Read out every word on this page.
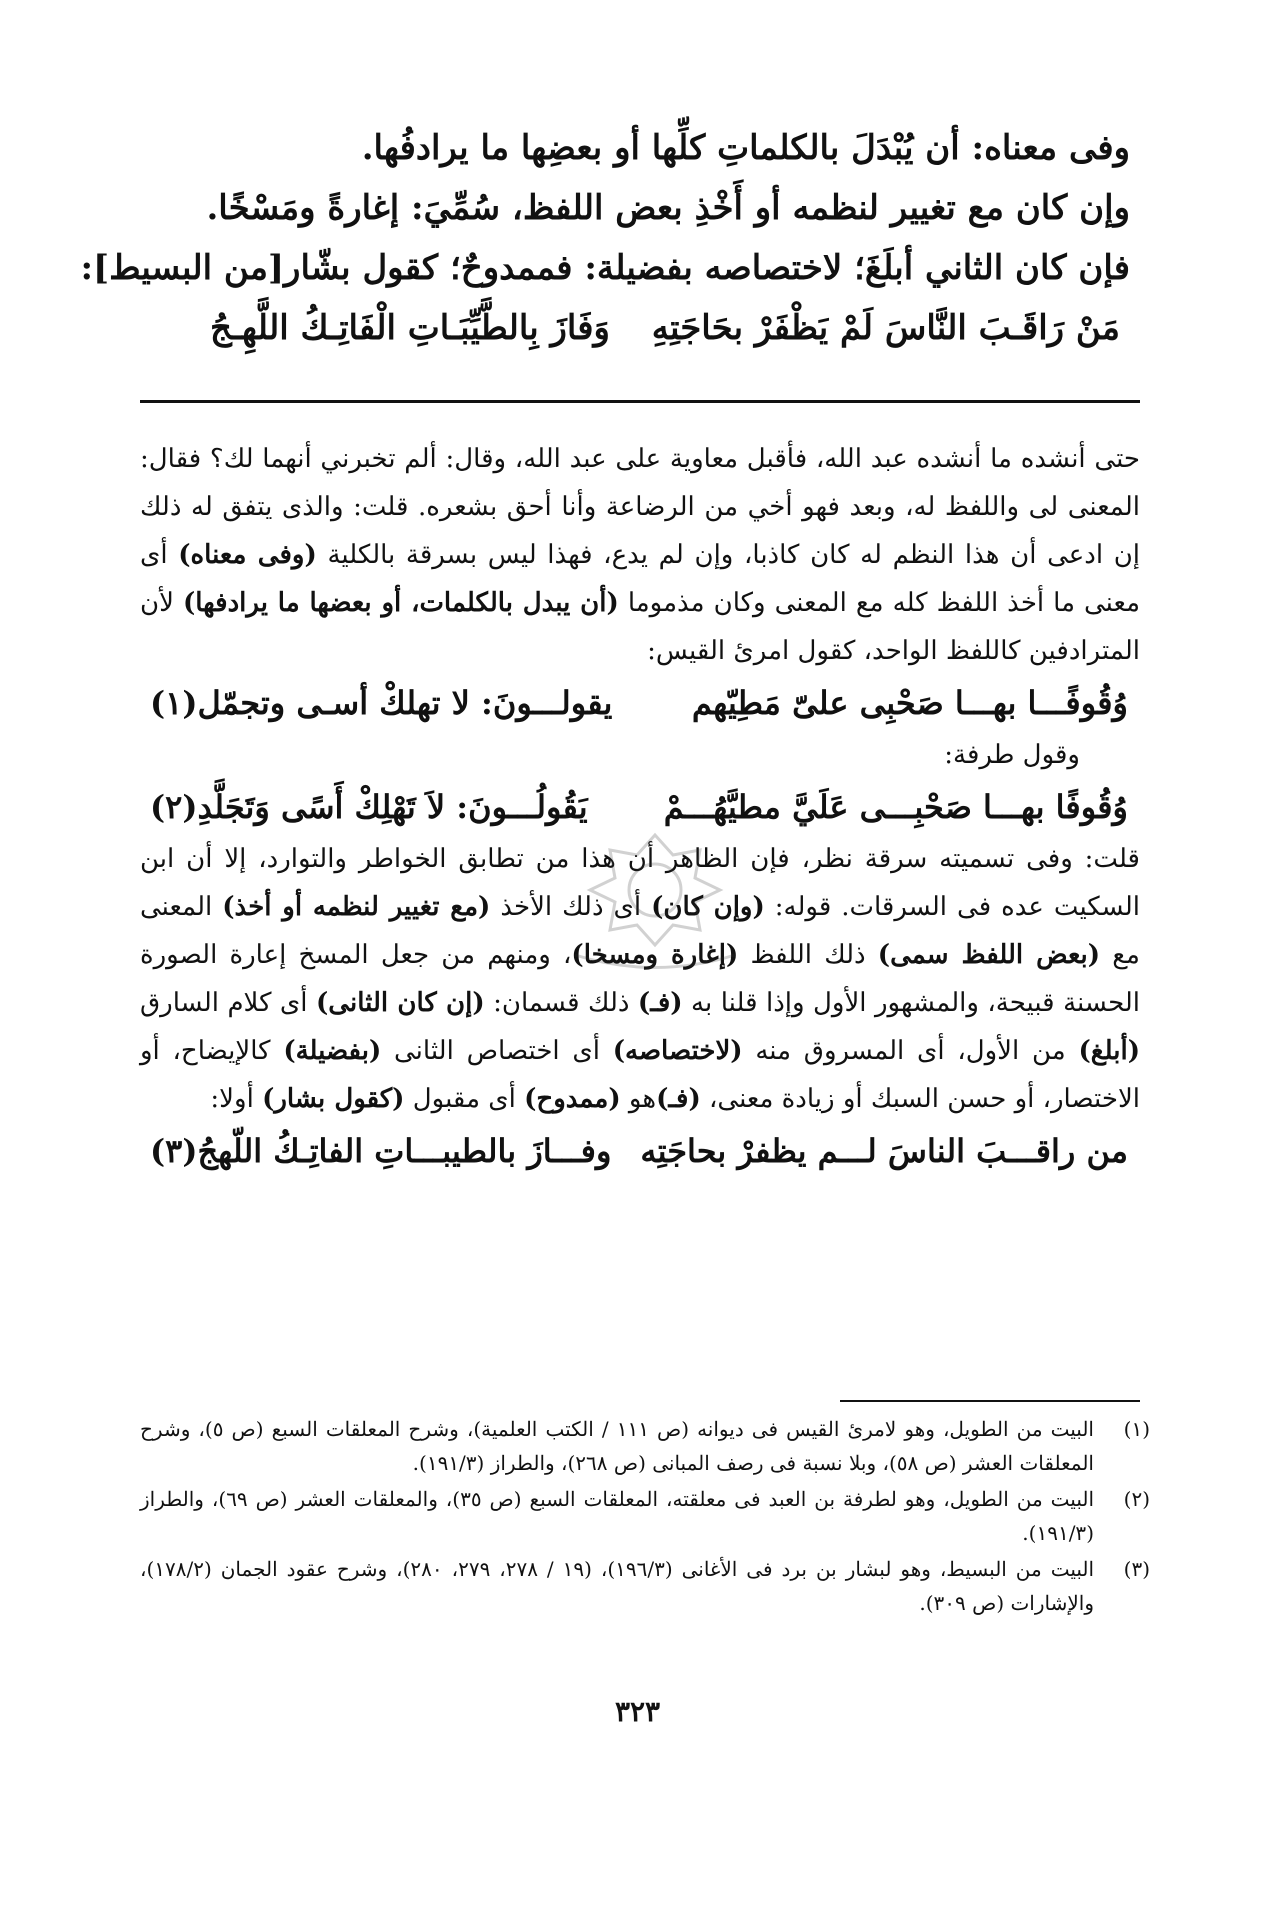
وفى معناه: أن يُبْدَلَ بالكلماتِ كلِّها أو بعضِها ما يرادفُها.
وإن كان مع تغيير لنظمه أو أَخْذِ بعض اللفظ، سُمِّيَ: إغارةً ومَسْخًا.
فإن كان الثاني أبلَغَ؛ لاختصاصه بفضيلة: فممدوحٌ؛ كقول بشّار[من البسيط]:
مَنْ رَاقَـبَ النَّاسَ لَمْ يَظْفَرْ بحَاجَتِهِ
وَفَازَ بِالطَّيِّبَـاتِ الْفَاتِـكُ اللَّهِـجُ
حتى أنشده ما أنشده عبد الله، فأقبل معاوية على عبد الله، وقال: ألم تخبرني أنهما لك؟ فقال: المعنى لى واللفظ له، وبعد فهو أخي من الرضاعة وأنا أحق بشعره. قلت: والذى يتفق له ذلك إن ادعى أن هذا النظم له كان كاذبا، وإن لم يدع، فهذا ليس بسرقة بالكلية (وفى معناه) أى معنى ما أخذ اللفظ كله مع المعنى وكان مذموما (أن يبدل بالكلمات، أو بعضها ما يرادفها) لأن المترادفين كاللفظ الواحد، كقول امرئ القيس:
وُقُوفًـــا بهـــا صَحْبِى علىّ مَطِيّهم
يقولـــونَ: لا تهلكْ أسـى وتجمّل(١)
وقول طرفة:
وُقُوفًا بهـــا صَحْبِـــى عَلَيَّ مطيَّهُـــمْ
يَقُولُـــونَ: لاَ تَهْلِكْ أَسًى وَتَجَلَّدِ(٢)
قلت: وفى تسميته سرقة نظر، فإن الظاهر أن هذا من تطابق الخواطر والتوارد، إلا أن ابن السكيت عده فى السرقات. قوله: (وإن كان) أى ذلك الأخذ (مع تغيير لنظمه أو أخذ) المعنى مع (بعض اللفظ سمى) ذلك اللفظ (إغارة ومسخا)، ومنهم من جعل المسخ إعارة الصورة الحسنة قبيحة، والمشهور الأول وإذا قلنا به (فـ) ذلك قسمان: (إن كان الثانى) أى كلام السارق (أبلغ) من الأول، أى المسروق منه (لاختصاصه) أى اختصاص الثانى (بفضيلة) كالإيضاح، أو الاختصار، أو حسن السبك أو زيادة معنى، (فـ)هو (ممدوح) أى مقبول (كقول بشار) أولا:
من راقـــبَ الناسَ لـــم يظفرْ بحاجَتِه
وفـــازَ بالطيبـــاتِ الفاتِـكُ اللّهجُ(٣)
(١)
البيت من الطويل، وهو لامرئ القيس فى ديوانه (ص ١١١ / الكتب العلمية)، وشرح المعلقات السبع (ص ٥)، وشرح المعلقات العشر (ص ٥٨)، وبلا نسبة فى رصف المبانى (ص ٢٦٨)، والطراز (١٩١/٣).
(٢)
البيت من الطويل، وهو لطرفة بن العبد فى معلقته، المعلقات السبع (ص ٣٥)، والمعلقات العشر (ص ٦٩)، والطراز (١٩١/٣).
(٣)
البيت من البسيط، وهو لبشار بن برد فى الأغانى (١٩٦/٣)، (١٩ / ٢٧٨، ٢٧٩، ٢٨٠)، وشرح عقود الجمان (١٧٨/٢)، والإشارات (ص ٣٠٩).
٣٢٣
